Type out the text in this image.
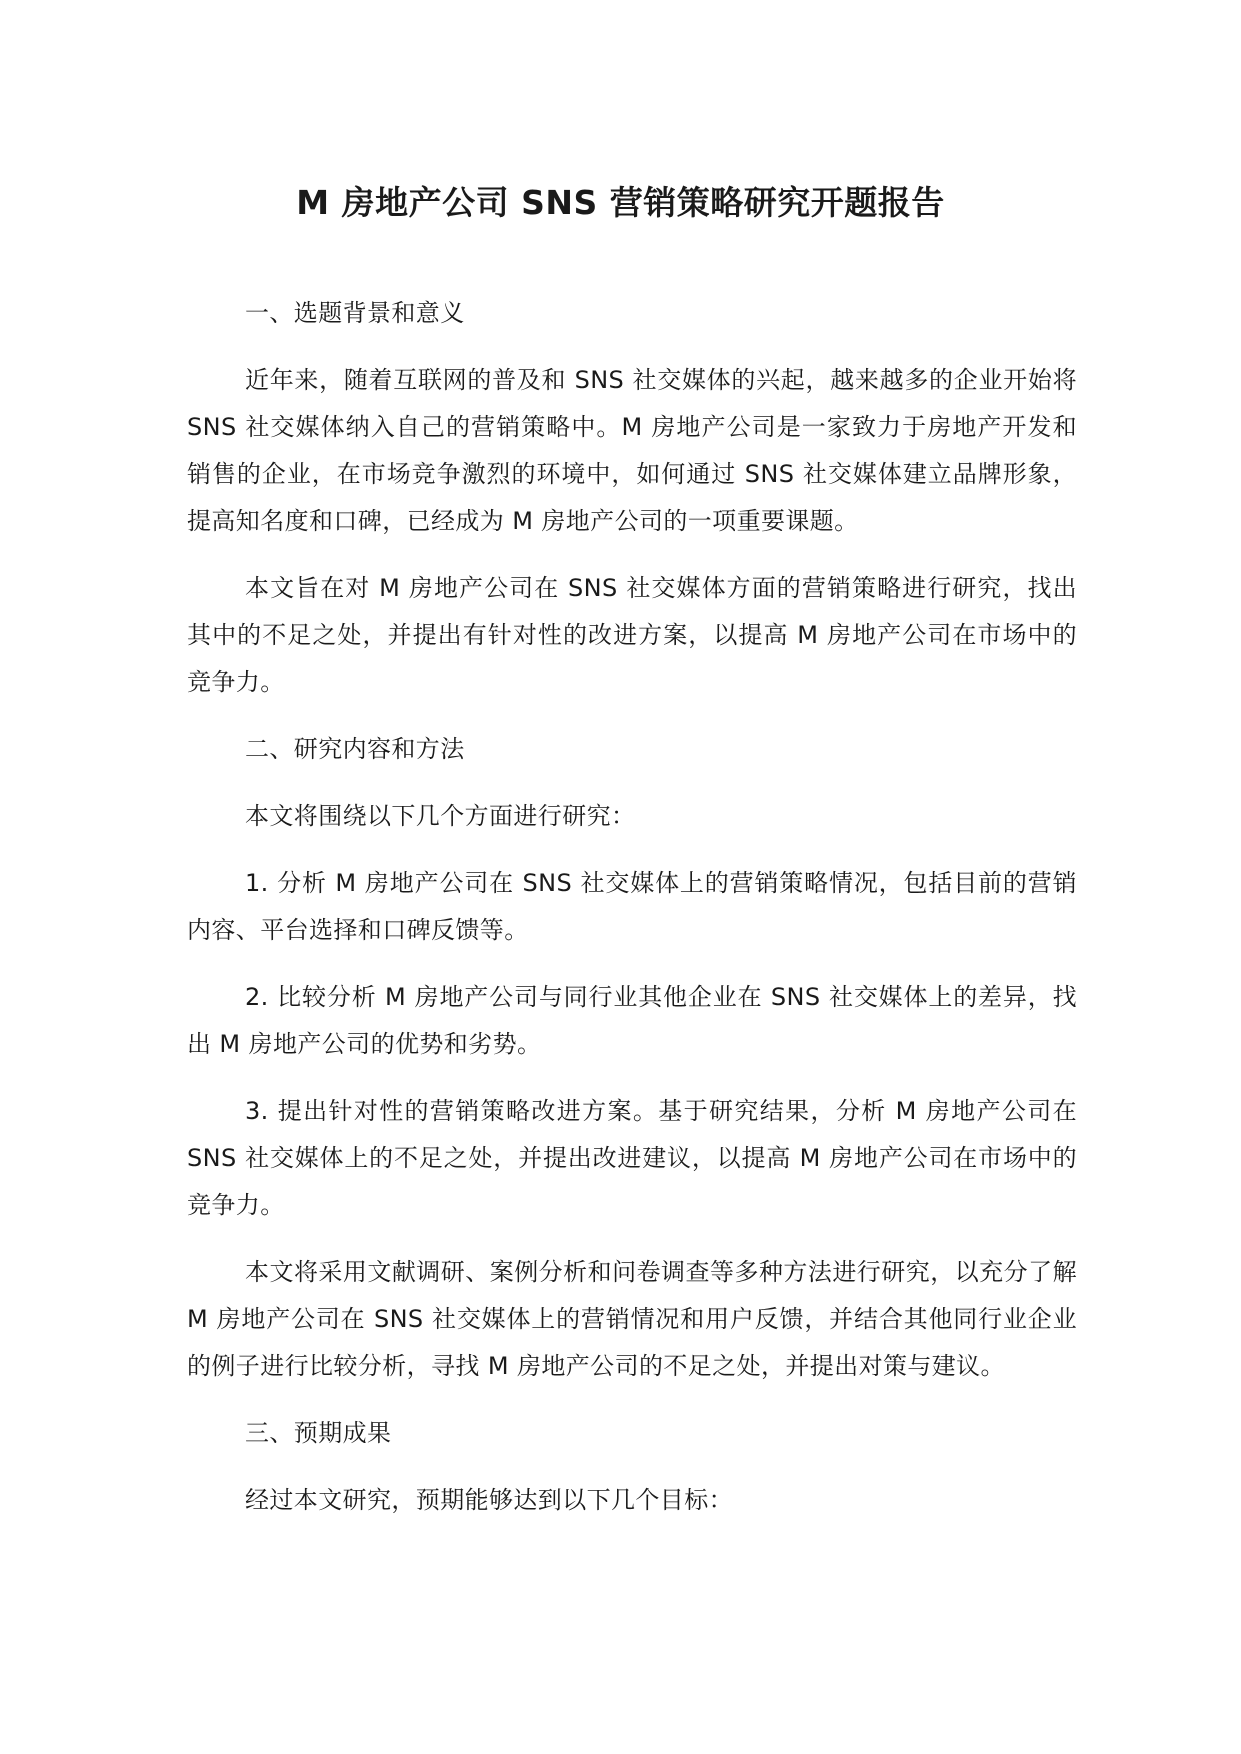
M 房地产公司 SNS 营销策略研究开题报告
一、选题背景和意义

近年来，随着互联网的普及和 SNS 社交媒体的兴起，越来越多的企业开始将 SNS 社交媒体纳入自己的营销策略中。M 房地产公司是一家致力于房地产开发和销售的企业，在市场竞争激烈的环境中，如何通过 SNS 社交媒体建立品牌形象，提高知名度和口碑，已经成为 M 房地产公司的一项重要课题。

本文旨在对 M 房地产公司在 SNS 社交媒体方面的营销策略进行研究，找出其中的不足之处，并提出有针对性的改进方案，以提高 M 房地产公司在市场中的竞争力。

二、研究内容和方法

本文将围绕以下几个方面进行研究：

1. 分析 M 房地产公司在 SNS 社交媒体上的营销策略情况，包括目前的营销内容、平台选择和口碑反馈等。

2. 比较分析 M 房地产公司与同行业其他企业在 SNS 社交媒体上的差异，找出 M 房地产公司的优势和劣势。

3. 提出针对性的营销策略改进方案。基于研究结果，分析 M 房地产公司在 SNS 社交媒体上的不足之处，并提出改进建议，以提高 M 房地产公司在市场中的竞争力。

本文将采用文献调研、案例分析和问卷调查等多种方法进行研究，以充分了解 M 房地产公司在 SNS 社交媒体上的营销情况和用户反馈，并结合其他同行业企业的例子进行比较分析，寻找 M 房地产公司的不足之处，并提出对策与建议。

三、预期成果

经过本文研究，预期能够达到以下几个目标：
